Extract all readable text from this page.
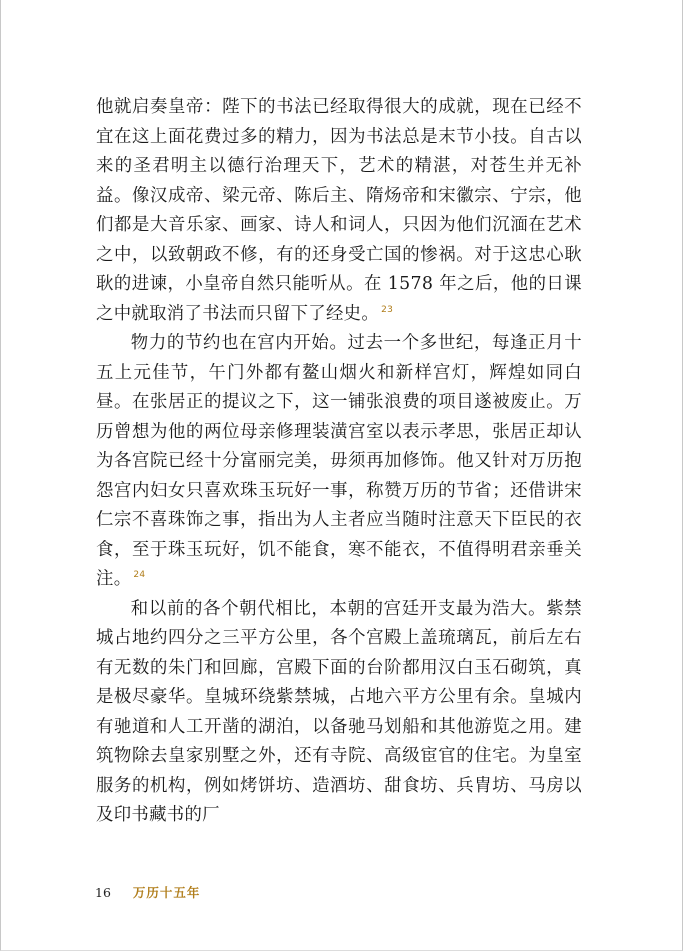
他就启奏皇帝：陛下的书法已经取得很大的成就，现在已经不宜在这上面花费过多的精力，因为书法总是末节小技。自古以来的圣君明主以德行治理天下，艺术的精湛，对苍生并无补益。像汉成帝、梁元帝、陈后主、隋炀帝和宋徽宗、宁宗，他们都是大音乐家、画家、诗人和词人，只因为他们沉湎在艺术之中，以致朝政不修，有的还身受亡国的惨祸。对于这忠心耿耿的进谏，小皇帝自然只能听从。在 1578 年之后，他的日课之中就取消了书法而只留下了经史。 $^{23}$

物力的节约也在宫内开始。过去一个多世纪，每逢正月十五上元佳节，午门外都有鳌山烟火和新样宫灯，辉煌如同白昼。在张居正的提议之下，这一铺张浪费的项目遂被废止。万历曾想为他的两位母亲修理装潢宫室以表示孝思，张居正却认为各宫院已经十分富丽完美，毋须再加修饰。他又针对万历抱怨宫内妇女只喜欢珠玉玩好一事，称赞万历的节省；还借讲宋仁宗不喜珠饰之事，指出为人主者应当随时注意天下臣民的衣食，至于珠玉玩好，饥不能食，寒不能衣，不值得明君亲垂关注。 $^{24}$

和以前的各个朝代相比，本朝的宫廷开支最为浩大。紫禁城占地约四分之三平方公里，各个宫殿上盖琉璃瓦，前后左右有无数的朱门和回廊，宫殿下面的台阶都用汉白玉石砌筑，真是极尽豪华。皇城环绕紫禁城，占地六平方公里有余。皇城内有驰道和人工开凿的湖泊，以备驰马划船和其他游览之用。建筑物除去皇家别墅之外，还有寺院、高级宦官的住宅。为皇室服务的机构，例如烤饼坊、造酒坊、甜食坊、兵胄坊、马房以及印书藏书的厂

16 万历十五年
